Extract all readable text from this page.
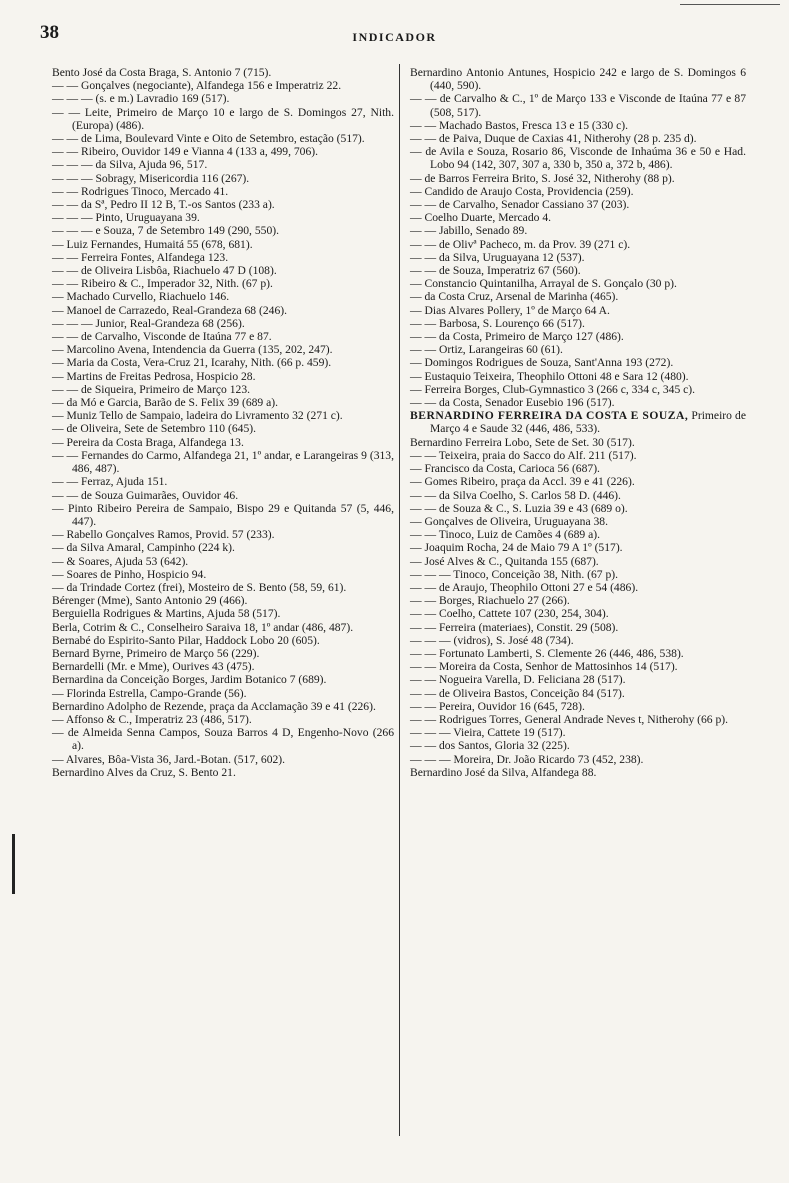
38	INDICADOR

Bento José da Costa Braga, S. Antonio 7 (715).

— — Gonçalves (negociante), Alfandega 156 e Imperatriz 22.

— — — (s. e m.) Lavradio 169 (517).

— — Leite, Primeiro de Março 10 e largo de S. Domingos 27, Nith. (Europa) (486).

— — de Lima, Boulevard Vinte e Oito de Setembro, estação (517).

— — Ribeiro, Ouvidor 149 e Vianna 4 (133 a, 499, 706).

— — — da Silva, Ajuda 96, 517.

— — — Sobragy, Misericordia 116 (267).

— — Rodrigues Tinoco, Mercado 41.

— — da Sª, Pedro II 12 B, T.-os Santos (233 a).

— — — Pinto, Uruguayana 39.

— — — e Souza, 7 de Setembro 149 (290, 550).

— Luiz Fernandes, Humaitá 55 (678, 681).

— — Ferreira Fontes, Alfandega 123.

— — de Oliveira Lisbôa, Riachuelo 47 D (108).

— — Ribeiro & C., Imperador 32, Nith. (67 p).

— Machado Curvello, Riachuelo 146.

— Manoel de Carrazedo, Real-Grandeza 68 (246).

— — — Junior, Real-Grandeza 68 (256).

— — de Carvalho, Visconde de Itaúna 77 e 87.

— Marcolino Avena, Intendencia da Guerra (135, 202, 247).

— Maria da Costa, Vera-Cruz 21, Icarahy, Nith. (66 p. 459).

— Martins de Freitas Pedrosa, Hospicio 28.

— — de Siqueira, Primeiro de Março 123.

— da Mó e Garcia, Barão de S. Felix 39 (689 a).

— Muniz Tello de Sampaio, ladeira do Livramento 32 (271 c).

— de Oliveira, Sete de Setembro 110 (645).

— Pereira da Costa Braga, Alfandega 13.

— — Fernandes do Carmo, Alfandega 21, 1º andar, e Larangeiras 9 (313, 486, 487).

— — Ferraz, Ajuda 151.

— — de Souza Guimarães, Ouvidor 46.

— Pinto Ribeiro Pereira de Sampaio, Bispo 29 e Quitanda 57 (5, 446, 447).

— Rabello Gonçalves Ramos, Provid. 57 (233).

— da Silva Amaral, Campinho (224 k).

— & Soares, Ajuda 53 (642).

— Soares de Pinho, Hospicio 94.

— da Trindade Cortez (frei), Mosteiro de S. Bento (58, 59, 61).

Bérenger (Mme), Santo Antonio 29 (466).

Berguiella Rodrigues & Martins, Ajuda 58 (517).

Berla, Cotrim & C., Conselheiro Saraiva 18, 1º andar (486, 487).

Bernabé do Espirito-Santo Pilar, Haddock Lobo 20 (605).

Bernard Byrne, Primeiro de Março 56 (229).

Bernardelli (Mr. e Mme), Ourives 43 (475).

Bernardina da Conceição Borges, Jardim Botanico 7 (689).

— Florinda Estrella, Campo-Grande (56).

Bernardino Adolpho de Rezende, praça da Acclamação 39 e 41 (226).

— Affonso & C., Imperatriz 23 (486, 517).

— de Almeida Senna Campos, Souza Barros 4 D, Engenho-Novo (266 a).

— Alvares, Bôa-Vista 36, Jard.-Botan. (517, 602).

Bernardino Alves da Cruz, S. Bento 21.

Bernardino Antonio Antunes, Hospicio 242 e largo de S. Domingos 6 (440, 590).

— — de Carvalho & C., 1º de Março 133 e Visconde de Itaúna 77 e 87 (508, 517).

— — Machado Bastos, Fresca 13 e 15 (330 c).

— — de Paiva, Duque de Caxias 41, Nitherohy (28 p. 235 d).

— de Avila e Souza, Rosario 86, Visconde de Inhaúma 36 e 50 e Had. Lobo 94 (142, 307, 307 a, 330 b, 350 a, 372 b, 486).

— de Barros Ferreira Brito, S. José 32, Nitherohy (88 p).

— Candido de Araujo Costa, Providencia (259).

— — de Carvalho, Senador Cassiano 37 (203).

— Coelho Duarte, Mercado 4.

— — Jabillo, Senado 89.

— — de Olivª Pacheco, m. da Prov. 39 (271 c).

— — da Silva, Uruguayana 12 (537).

— — de Souza, Imperatriz 67 (560).

— Constancio Quintanilha, Arrayal de S. Gonçalo (30 p).

— da Costa Cruz, Arsenal de Marinha (465).

— Dias Alvares Pollery, 1º de Março 64 A.

— — Barbosa, S. Lourenço 66 (517).

— — da Costa, Primeiro de Março 127 (486).

— — Ortiz, Larangeiras 60 (61).

— Domingos Rodrigues de Souza, Sant'Anna 193 (272).

— Eustaquio Teixeira, Theophilo Ottoni 48 e Sara 12 (480).

— Ferreira Borges, Club-Gymnastico 3 (266 c, 334 c, 345 c).

— — da Costa, Senador Eusebio 196 (517).

BERNARDINO FERREIRA DA COSTA E SOUZA, Primeiro de Março 4 e Saude 32 (446, 486, 533).

Bernardino Ferreira Lobo, Sete de Set. 30 (517).

— — Teixeira, praia do Sacco do Alf. 211 (517).

— Francisco da Costa, Carioca 56 (687).

— Gomes Ribeiro, praça da Accl. 39 e 41 (226).

— — da Silva Coelho, S. Carlos 58 D. (446).

— — de Souza & C., S. Luzia 39 e 43 (689 o).

— Gonçalves de Oliveira, Uruguayana 38.

— — Tinoco, Luiz de Camões 4 (689 a).

— Joaquim Rocha, 24 de Maio 79 A 1º (517).

— José Alves & C., Quitanda 155 (687).

— — — Tinoco, Conceição 38, Nith. (67 p).

— — de Araujo, Theophilo Ottoni 27 e 54 (486).

— — Borges, Riachuelo 27 (266).

— — Coelho, Cattete 107 (230, 254, 304).

— — Ferreira (materiaes), Constit. 29 (508).

— — — (vidros), S. José 48 (734).

— — Fortunato Lamberti, S. Clemente 26 (446, 486, 538).

— — Moreira da Costa, Senhor de Mattosinhos 14 (517).

— — Nogueira Varella, D. Feliciana 28 (517).

— — de Oliveira Bastos, Conceição 84 (517).

— — Pereira, Ouvidor 16 (645, 728).

— — Rodrigues Torres, General Andrade Neves t, Nitherohy (66 p).

— — — Vieira, Cattete 19 (517).

— — dos Santos, Gloria 32 (225).

— — — Moreira, Dr. João Ricardo 73 (452, 238).

Bernardino José da Silva, Alfandega 88.
